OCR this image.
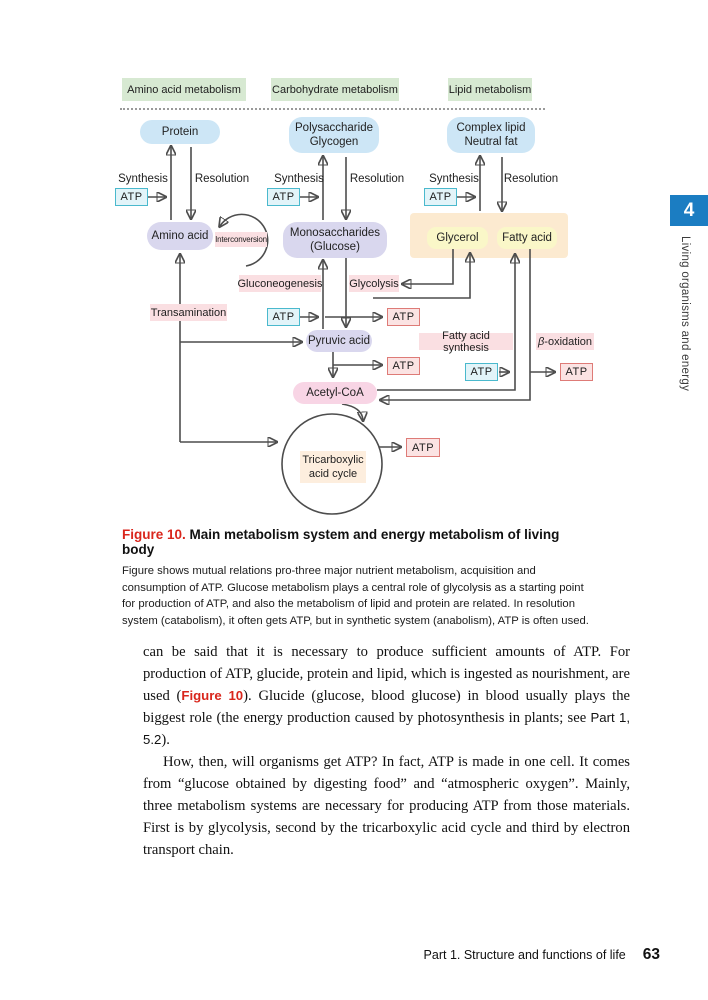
Amino acid metabolism	Carbohydrate metabolism	Lipid metabolism
Glycerol	Fatty acid
Protein	Polysaccharide
Glycogen
Complex lipid
Neutral fat
Synthesis Resolution Synthesis Resolution Synthesis Resolution
ATP	ATP	ATP
Amino acid Interconversion
Monosaccharides
(Glucose)
Gluconeogenesis Glycolysis
Transamination	ATP	ATP
Pyruvic acid	Fatty acid synthesis	β -oxidation
ATP	ATP	ATP
Acetyl-CoA
Tricarboxylic
acid cycle
ATP
4
Living organisms and energy
Figure 10. Main metabolism system and energy metabolism of living body

Figure shows mutual relations pro-three major nutrient metabolism, acquisition and consumption of ATP. Glucose metabolism plays a central role of glycolysis as a starting point for production of ATP, and also the metabolism of lipid and protein are related. In resolution system (catabolism), it often gets ATP, but in synthetic system (anabolism), ATP is often used.

can be said that it is necessary to produce sufficient amounts of ATP. For production of ATP, glucide, protein and lipid, which is ingested as nourishment, are used (Figure 10). Glucide (glucose, blood glucose) in blood usually plays the biggest role (the energy production caused by photosynthesis in plants; see Part 1, 5.2).

How, then, will organisms get ATP? In fact, ATP is made in one cell. It comes from “glucose obtained by digesting food” and “atmospheric oxygen”. Mainly, three metabolism systems are necessary for producing ATP from those materials. First is by glycolysis, second by the tricarboxylic acid cycle and third by electron transport chain.

Part 1. Structure and functions of life 63
